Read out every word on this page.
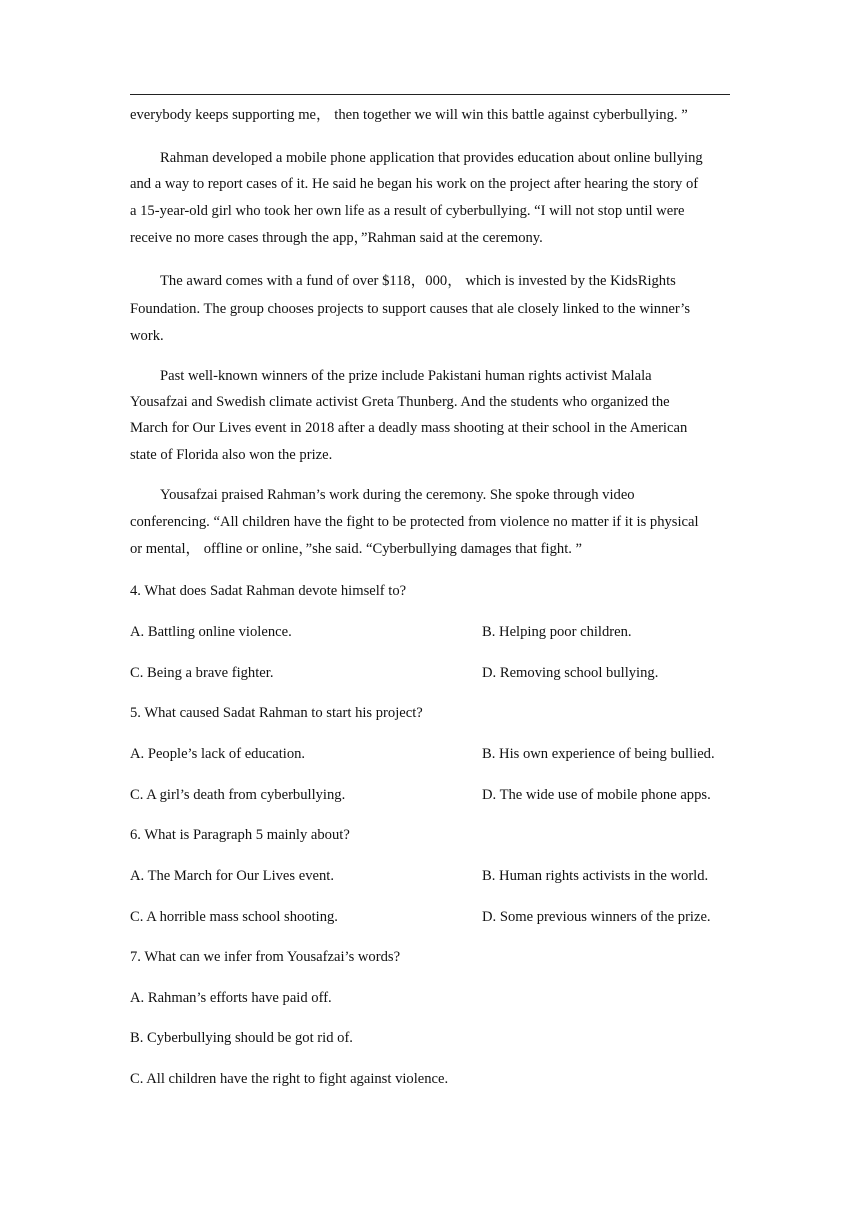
everybody keeps supporting me， then together we will win this battle against cyberbullying. ”
Rahman developed a mobile phone application that provides education about online bullying
and a way to report cases of it. He said he began his work on the project after hearing the story of
a 15-year-old girl who took her own life as a result of cyberbullying. “I will not stop until were
receive no more cases through the app，”Rahman said at the ceremony.
The award comes with a fund of over $118，000， which is invested by the KidsRights
Foundation. The group chooses projects to support causes that ale closely linked to the winner’s
work.
Past well-known winners of the prize include Pakistani human rights activist Malala
Yousafzai and Swedish climate activist Greta Thunberg. And the students who organized the
March for Our Lives event in 2018 after a deadly mass shooting at their school in the American
state of Florida also won the prize.
Yousafzai praised Rahman’s work during the ceremony. She spoke through video
conferencing. “All children have the fight to be protected from violence no matter if it is physical
or mental， offline or online，”she said. “Cyberbullying damages that fight. ”
4. What does Sadat Rahman devote himself to?
A. Battling online violence.	B. Helping poor children.
C. Being a brave fighter.	D. Removing school bullying.
5. What caused Sadat Rahman to start his project?
A. People’s lack of education.	B. His own experience of being bullied.
C. A girl’s death from cyberbullying.	D. The wide use of mobile phone apps.
6. What is Paragraph 5 mainly about?
A. The March for Our Lives event.	B. Human rights activists in the world.
C. A horrible mass school shooting.	D. Some previous winners of the prize.
7. What can we infer from Yousafzai’s words?
A. Rahman’s efforts have paid off.
B. Cyberbullying should be got rid of.
C. All children have the right to fight against violence.
